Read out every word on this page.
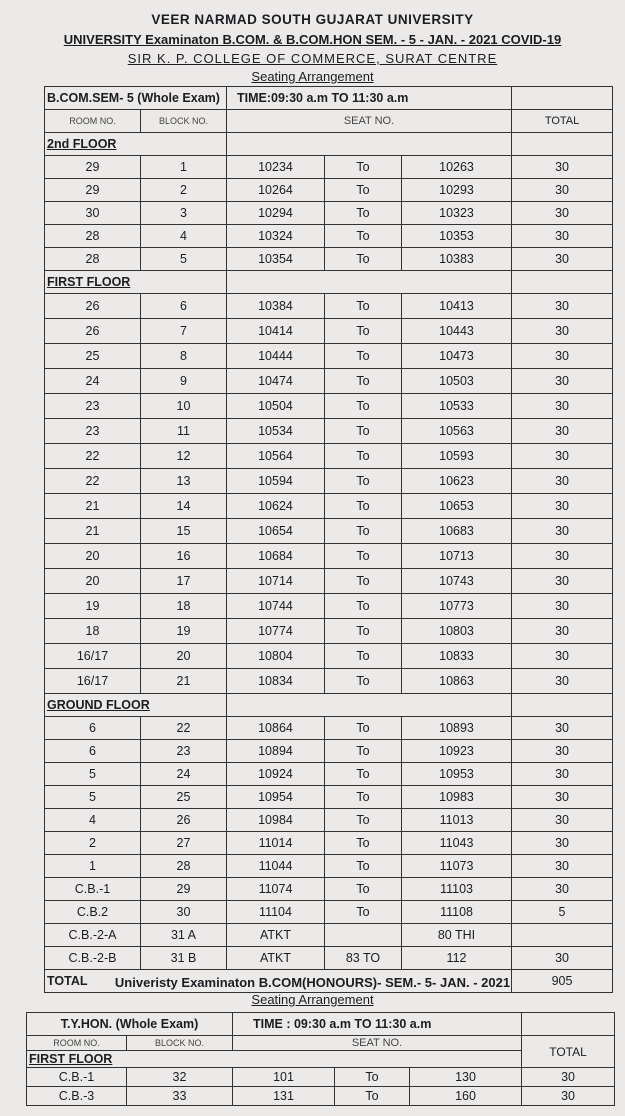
VEER NARMAD SOUTH GUJARAT UNIVERSITY
UNIVERSITY Examinaton B.COM. & B.COM.HON SEM. - 5 - JAN. - 2021 COVID-19
SIR K. P. COLLEGE OF COMMERCE, SURAT CENTRE
Seating Arrangement
B.COM.SEM- 5 (Whole Exam)		TIME:09:30 a.m TO 11:30 a.m			
ROOM NO.	BLOCK NO.	SEAT NO.			TOTAL
2nd FLOOR					
29	1	10234	To	10263	30
29	2	10264	To	10293	30
30	3	10294	To	10323	30
28	4	10324	To	10353	30
28	5	10354	To	10383	30
FIRST FLOOR					
26	6	10384	To	10413	30
26	7	10414	To	10443	30
25	8	10444	To	10473	30
24	9	10474	To	10503	30
23	10	10504	To	10533	30
23	11	10534	To	10563	30
22	12	10564	To	10593	30
22	13	10594	To	10623	30
21	14	10624	To	10653	30
21	15	10654	To	10683	30
20	16	10684	To	10713	30
20	17	10714	To	10743	30
19	18	10744	To	10773	30
18	19	10774	To	10803	30
16/17	20	10804	To	10833	30
16/17	21	10834	To	10863	30
GROUND FLOOR					
6	22	10864	To	10893	30
6	23	10894	To	10923	30
5	24	10924	To	10953	30
5	25	10954	To	10983	30
4	26	10984	To	11013	30
2	27	11014	To	11043	30
1	28	11044	To	11073	30
C.B.-1	29	11074	To	11103	30
C.B.2	30	11104	To	11108	5
C.B.-2-A	31 A	ATKT		80 THI	
C.B.-2-B	31 B	ATKT	83 TO	112	30
TOTAL					905
Univeristy Examinaton B.COM(HONOURS)- SEM.- 5- JAN. - 2021
Seating Arrangement
T.Y.HON. (Whole Exam)		TIME : 09:30 a.m TO 11:30 a.m			
ROOM NO.	BLOCK NO.	SEAT NO.			TOTAL
FIRST FLOOR					
C.B.-1	32	101	To	130	30
C.B.-3	33	131	To	160	30
